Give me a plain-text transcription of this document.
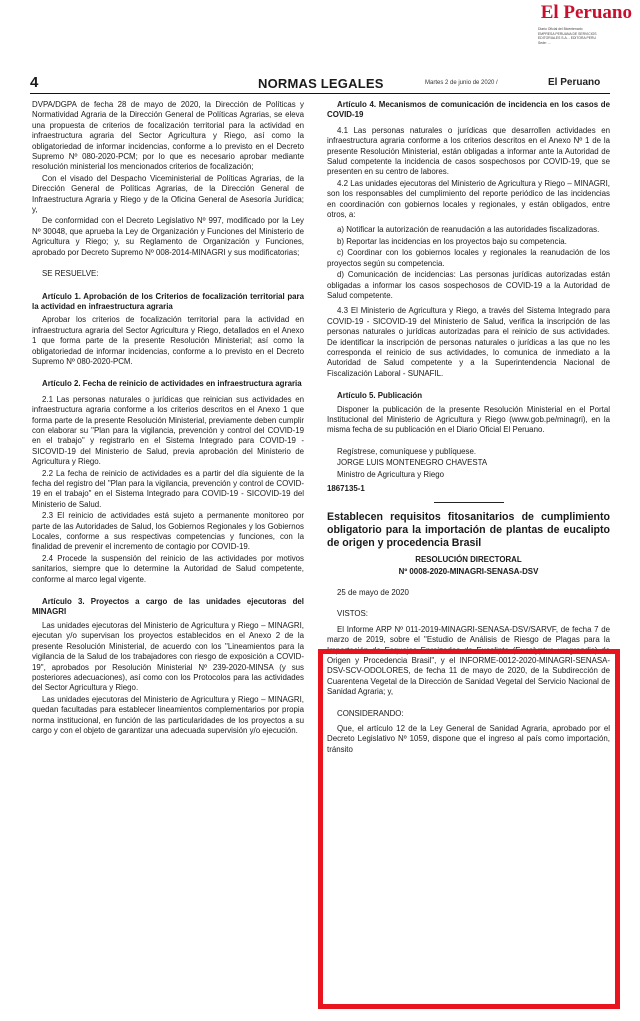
El Peruano
Diario Oficial del Bicentenario
EMPRESA PERUANA DE SERVICIOS
EDITORIALES S.A. - EDITORA PERU
Sede: ...
4	NORMAS LEGALES	Martes 2 de junio de 2020 /	El Peruano

DVPA/DGPA de fecha 28 de mayo de 2020, la Dirección de Políticas y Normatividad Agraria de la Dirección General de Políticas Agrarias, se eleva una propuesta de criterios de focalización territorial para la actividad en infraestructura agraria del Sector Agricultura y Riego, así como la obligatoriedad de informar incidencias, conforme a lo previsto en el Decreto Supremo Nº 080-2020-PCM; por lo que es necesario aprobar mediante resolución ministerial los mencionados criterios de focalización;

Con el visado del Despacho Viceministerial de Políticas Agrarias, de la Dirección General de Políticas Agrarias, de la Dirección General de Infraestructura Agraria y Riego y de la Oficina General de Asesoría Jurídica; y,

De conformidad con el Decreto Legislativo Nº 997, modificado por la Ley Nº 30048, que aprueba la Ley de Organización y Funciones del Ministerio de Agricultura y Riego; y, su Reglamento de Organización y Funciones, aprobado por Decreto Supremo Nº 008-2014-MINAGRI y sus modificatorias;

SE RESUELVE:

Artículo 1. Aprobación de los Criterios de focalización territorial para la actividad en infraestructura agraria

Aprobar los criterios de focalización territorial para la actividad en infraestructura agraria del Sector Agricultura y Riego, detallados en el Anexo 1 que forma parte de la presente Resolución Ministerial; así como la obligatoriedad de informar incidencias, conforme a lo previsto en el Decreto Supremo Nº 080-2020-PCM.

Artículo 2. Fecha de reinicio de actividades en infraestructura agraria

2.1 Las personas naturales o jurídicas que reinician sus actividades en infraestructura agraria conforme a los criterios descritos en el Anexo 1 que forma parte de la presente Resolución Ministerial, previamente deben cumplir con elaborar su "Plan para la vigilancia, prevención y control del COVID-19 en el trabajo" y registrarlo en el Sistema Integrado para COVID-19 - SICOVID-19 del Ministerio de Salud, previa aprobación del Ministerio de Agricultura y Riego.

2.2 La fecha de reinicio de actividades es a partir del día siguiente de la fecha del registro del "Plan para la vigilancia, prevención y control de COVID-19 en el trabajo" en el Sistema Integrado para COVID-19 - SICOVID-19 del Ministerio de Salud.

2.3 El reinicio de actividades está sujeto a permanente monitoreo por parte de las Autoridades de Salud, los Gobiernos Regionales y los Gobiernos Locales, conforme a sus respectivas competencias y funciones, con la finalidad de prevenir el incremento de contagio por COVID-19.

2.4 Procede la suspensión del reinicio de las actividades por motivos sanitarios, siempre que lo determine la Autoridad de Salud competente, conforme al marco legal vigente.

Artículo 3. Proyectos a cargo de las unidades ejecutoras del MINAGRI

Las unidades ejecutoras del Ministerio de Agricultura y Riego – MINAGRI, ejecutan y/o supervisan los proyectos establecidos en el Anexo 2 de la presente Resolución Ministerial, de acuerdo con los "Lineamientos para la vigilancia de la Salud de los trabajadores con riesgo de exposición a COVID-19", aprobados por Resolución Ministerial Nº 239-2020-MINSA (y sus posteriores adecuaciones), así como con los Protocolos para las actividades del Sector Agricultura y Riego.

Las unidades ejecutoras del Ministerio de Agricultura y Riego – MINAGRI, quedan facultadas para establecer lineamientos complementarios por propia norma institucional, en función de las particularidades de los proyectos a su cargo y con el objeto de garantizar una adecuada supervisión y/o ejecución.

Artículo 4. Mecanismos de comunicación de incidencia en los casos de COVID-19

4.1 Las personas naturales o jurídicas que desarrollen actividades en infraestructura agraria conforme a los criterios descritos en el Anexo Nº 1 de la presente Resolución Ministerial, están obligadas a informar ante la Autoridad de Salud competente la incidencia de casos sospechosos por COVID-19, que se presenten en su centro de labores.

4.2 Las unidades ejecutoras del Ministerio de Agricultura y Riego – MINAGRI, son los responsables del cumplimiento del reporte periódico de las incidencias en coordinación con gobiernos locales y regionales, y están obligados, entre otros, a:

a) Notificar la autorización de reanudación a las autoridades fiscalizadoras.

b) Reportar las incidencias en los proyectos bajo su competencia.

c) Coordinar con los gobiernos locales y regionales la reanudación de los proyectos según su competencia.

d) Comunicación de incidencias: Las personas jurídicas autorizadas están obligadas a informar los casos sospechosos de COVID-19 a la Autoridad de Salud competente.

4.3 El Ministerio de Agricultura y Riego, a través del Sistema Integrado para COVID-19 - SICOVID-19 del Ministerio de Salud, verifica la inscripción de las personas naturales o jurídicas autorizadas para el reinicio de sus actividades. De identificar la inscripción de personas naturales o jurídicas a las que no les corresponda el reinicio de sus actividades, lo comunica de inmediato a la Autoridad de Salud competente y a la Superintendencia Nacional de Fiscalización Laboral - SUNAFIL.

Artículo 5. Publicación

Disponer la publicación de la presente Resolución Ministerial en el Portal Institucional del Ministerio de Agricultura y Riego (www.gob.pe/minagri), en la misma fecha de su publicación en el Diario Oficial El Peruano.

Regístrese, comuníquese y publíquese.

JORGE LUIS MONTENEGRO CHAVESTA

Ministro de Agricultura y Riego

1867135-1

Establecen requisitos fitosanitarios de cumplimiento obligatorio para la importación de plantas de eucalipto de origen y procedencia Brasil

RESOLUCIÓN DIRECTORAL

Nº 0008-2020-MINAGRI-SENASA-DSV

25 de mayo de 2020

VISTOS:

El Informe ARP Nº 011-2019-MINAGRI-SENASA-DSV/SARVF, de fecha 7 de marzo de 2019, sobre el "Estudio de Análisis de Riesgo de Plagas para la Importación de Esquejes Enraizados de Eucalipto (Eucalyptus urograndis) de Origen y Procedencia Brasil", y el INFORME-0012-2020-MINAGRI-SENASA-DSV-SCV-ODOLORES, de fecha 11 de mayo de 2020, de la Subdirección de Cuarentena Vegetal de la Dirección de Sanidad Vegetal del Servicio Nacional de Sanidad Agraria; y,

CONSIDERANDO:

Que, el artículo 12 de la Ley General de Sanidad Agraria, aprobado por el Decreto Legislativo Nº 1059, dispone que el ingreso al país como importación, tránsito
